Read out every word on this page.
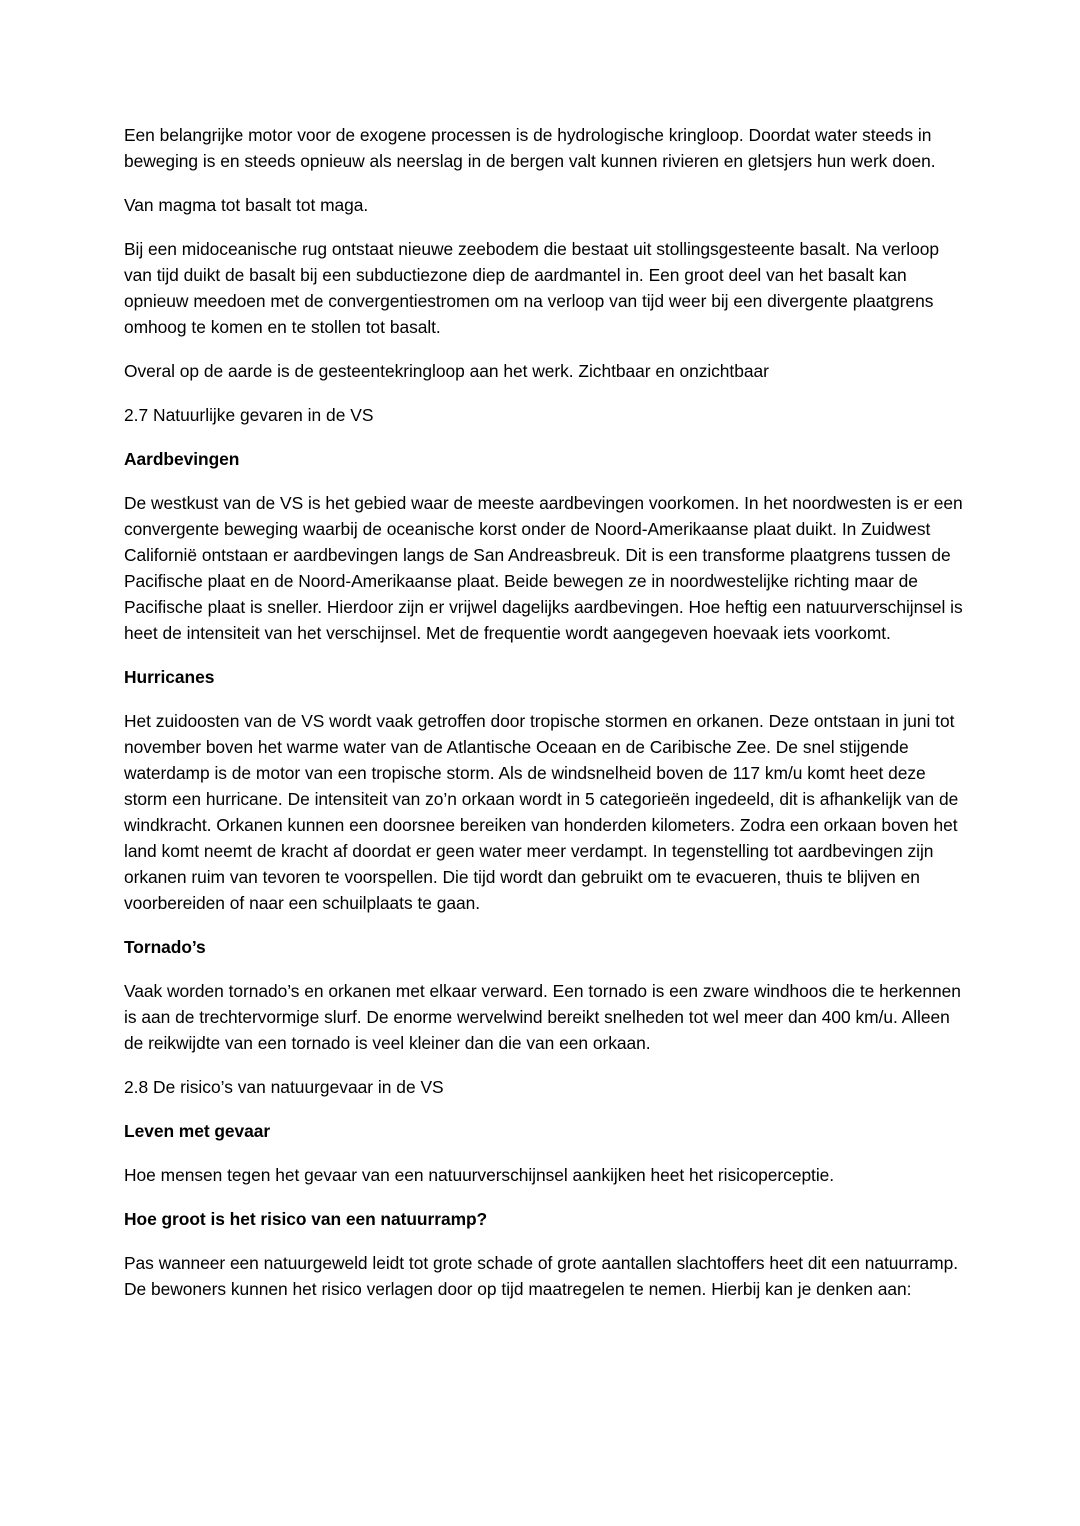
Een belangrijke motor voor de exogene processen is de hydrologische kringloop. Doordat water steeds in beweging is en steeds opnieuw als neerslag in de bergen valt kunnen rivieren en gletsjers hun werk doen.

Van magma tot basalt tot maga.

Bij een midoceanische rug ontstaat nieuwe zeebodem die bestaat uit stollingsgesteente basalt. Na verloop van tijd duikt de basalt bij een subductiezone diep de aardmantel in. Een groot deel van het basalt kan opnieuw meedoen met de convergentiestromen om na verloop van tijd weer bij een divergente plaatgrens omhoog te komen en te stollen tot basalt.

Overal op de aarde is de gesteentekringloop aan het werk. Zichtbaar en onzichtbaar

2.7 Natuurlijke gevaren in de VS

Aardbevingen

De westkust van de VS is het gebied waar de meeste aardbevingen voorkomen. In het noordwesten is er een convergente beweging waarbij de oceanische korst onder de Noord-Amerikaanse plaat duikt. In Zuidwest Californië ontstaan er aardbevingen langs de San Andreasbreuk. Dit is een transforme plaatgrens tussen de Pacifische plaat en de Noord-Amerikaanse plaat. Beide bewegen ze in noordwestelijke richting maar de Pacifische plaat is sneller. Hierdoor zijn er vrijwel dagelijks aardbevingen. Hoe heftig een natuurverschijnsel is heet de intensiteit van het verschijnsel. Met de frequentie wordt aangegeven hoevaak iets voorkomt.

Hurricanes

Het zuidoosten van de VS wordt vaak getroffen door tropische stormen en orkanen. Deze ontstaan in juni tot november boven het warme water van de Atlantische Oceaan en de Caribische Zee. De snel stijgende waterdamp is de motor van een tropische storm. Als de windsnelheid boven de 117 km/u komt heet deze storm een hurricane. De intensiteit van zo’n orkaan wordt in 5 categorieën ingedeeld, dit is afhankelijk van de windkracht. Orkanen kunnen een doorsnee bereiken van honderden kilometers. Zodra een orkaan boven het land komt neemt de kracht af doordat er geen water meer verdampt. In tegenstelling tot aardbevingen zijn orkanen ruim van tevoren te voorspellen. Die tijd wordt dan gebruikt om te evacueren, thuis te blijven en voorbereiden of naar een schuilplaats te gaan.

Tornado’s

Vaak worden tornado’s en orkanen met elkaar verward. Een tornado is een zware windhoos die te herkennen is aan de trechtervormige slurf. De enorme wervelwind bereikt snelheden tot wel meer dan 400 km/u. Alleen de reikwijdte van een tornado is veel kleiner dan die van een orkaan.

2.8 De risico’s van natuurgevaar in de VS

Leven met gevaar

Hoe mensen tegen het gevaar van een natuurverschijnsel aankijken heet het risicoperceptie.

Hoe groot is het risico van een natuurramp?

Pas wanneer een natuurgeweld leidt tot grote schade of grote aantallen slachtoffers heet dit een natuurramp. De bewoners kunnen het risico verlagen door op tijd maatregelen te nemen. Hierbij kan je denken aan:
